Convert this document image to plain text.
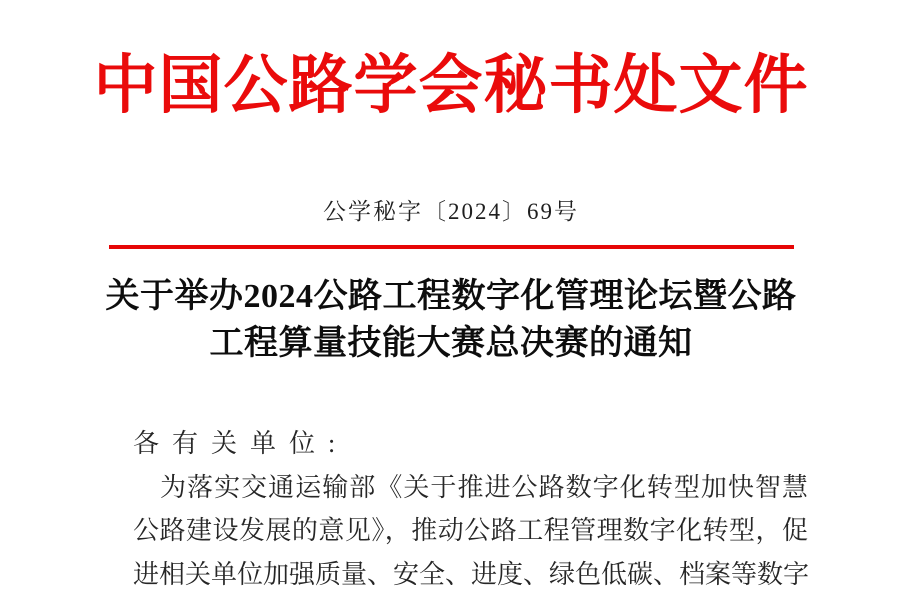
中国公路学会秘书处文件
公学秘字〔2024〕69号
关于举办2024公路工程数字化管理论坛暨公路
工程算量技能大赛总决赛的通知
各有关单位:
为落实交通运输部《关于推进公路数字化转型加快智慧
公路建设发展的意见》，推动公路工程管理数字化转型，促
进相关单位加强质量、安全、进度、绿色低碳、档案等数字
